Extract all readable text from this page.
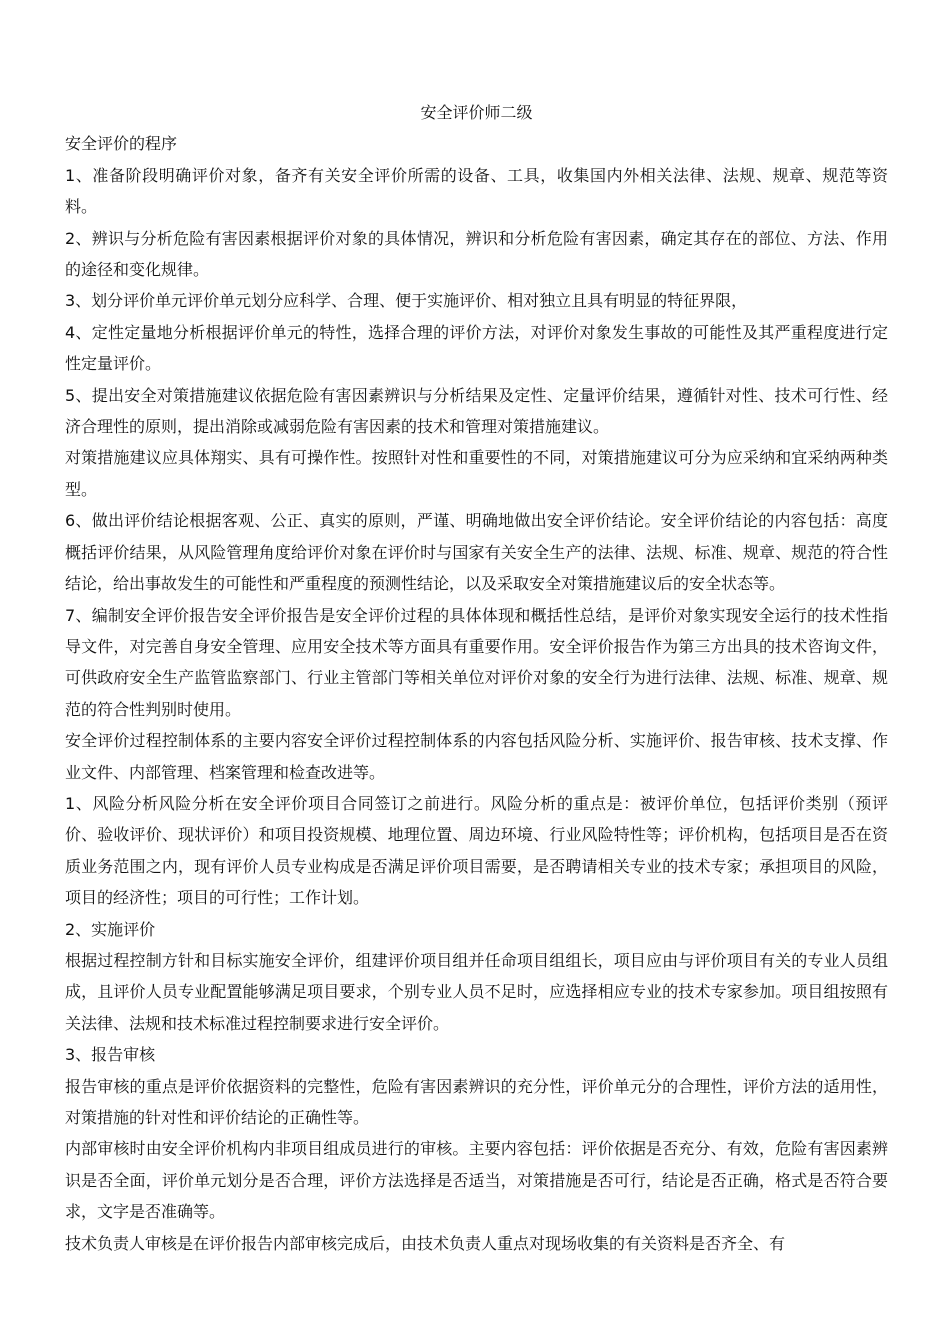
安全评价师二级

安全评价的程序

1、准备阶段明确评价对象，备齐有关安全评价所需的设备、工具，收集国内外相关法律、法规、规章、规范等资料。

2、辨识与分析危险有害因素根据评价对象的具体情况，辨识和分析危险有害因素，确定其存在的部位、方法、作用的途径和变化规律。

3、划分评价单元评价单元划分应科学、合理、便于实施评价、相对独立且具有明显的特征界限，

4、定性定量地分析根据评价单元的特性，选择合理的评价方法，对评价对象发生事故的可能性及其严重程度进行定性定量评价。

5、提出安全对策措施建议依据危险有害因素辨识与分析结果及定性、定量评价结果，遵循针对性、技术可行性、经济合理性的原则，提出消除或减弱危险有害因素的技术和管理对策措施建议。

对策措施建议应具体翔实、具有可操作性。按照针对性和重要性的不同，对策措施建议可分为应采纳和宜采纳两种类型。

6、做出评价结论根据客观、公正、真实的原则，严谨、明确地做出安全评价结论。安全评价结论的内容包括：高度概括评价结果，从风险管理角度给评价对象在评价时与国家有关安全生产的法律、法规、标准、规章、规范的符合性结论，给出事故发生的可能性和严重程度的预测性结论，以及采取安全对策措施建议后的安全状态等。

7、编制安全评价报告安全评价报告是安全评价过程的具体体现和概括性总结，是评价对象实现安全运行的技术性指导文件，对完善自身安全管理、应用安全技术等方面具有重要作用。安全评价报告作为第三方出具的技术咨询文件，可供政府安全生产监管监察部门、行业主管部门等相关单位对评价对象的安全行为进行法律、法规、标准、规章、规范的符合性判别时使用。

安全评价过程控制体系的主要内容安全评价过程控制体系的内容包括风险分析、实施评价、报告审核、技术支撑、作业文件、内部管理、档案管理和检查改进等。

1、风险分析风险分析在安全评价项目合同签订之前进行。风险分析的重点是：被评价单位，包括评价类别（预评价、验收评价、现状评价）和项目投资规模、地理位置、周边环境、行业风险特性等；评价机构，包括项目是否在资质业务范围之内，现有评价人员专业构成是否满足评价项目需要，是否聘请相关专业的技术专家；承担项目的风险，项目的经济性；项目的可行性；工作计划。

2、实施评价

根据过程控制方针和目标实施安全评价，组建评价项目组并任命项目组组长，项目应由与评价项目有关的专业人员组成，且评价人员专业配置能够满足项目要求，个别专业人员不足时，应选择相应专业的技术专家参加。项目组按照有关法律、法规和技术标准过程控制要求进行安全评价。

3、报告审核

报告审核的重点是评价依据资料的完整性，危险有害因素辨识的充分性，评价单元分的合理性，评价方法的适用性，对策措施的针对性和评价结论的正确性等。

内部审核时由安全评价机构内非项目组成员进行的审核。主要内容包括：评价依据是否充分、有效，危险有害因素辨识是否全面，评价单元划分是否合理，评价方法选择是否适当，对策措施是否可行，结论是否正确，格式是否符合要求，文字是否准确等。

技术负责人审核是在评价报告内部审核完成后，由技术负责人重点对现场收集的有关资料是否齐全、有
